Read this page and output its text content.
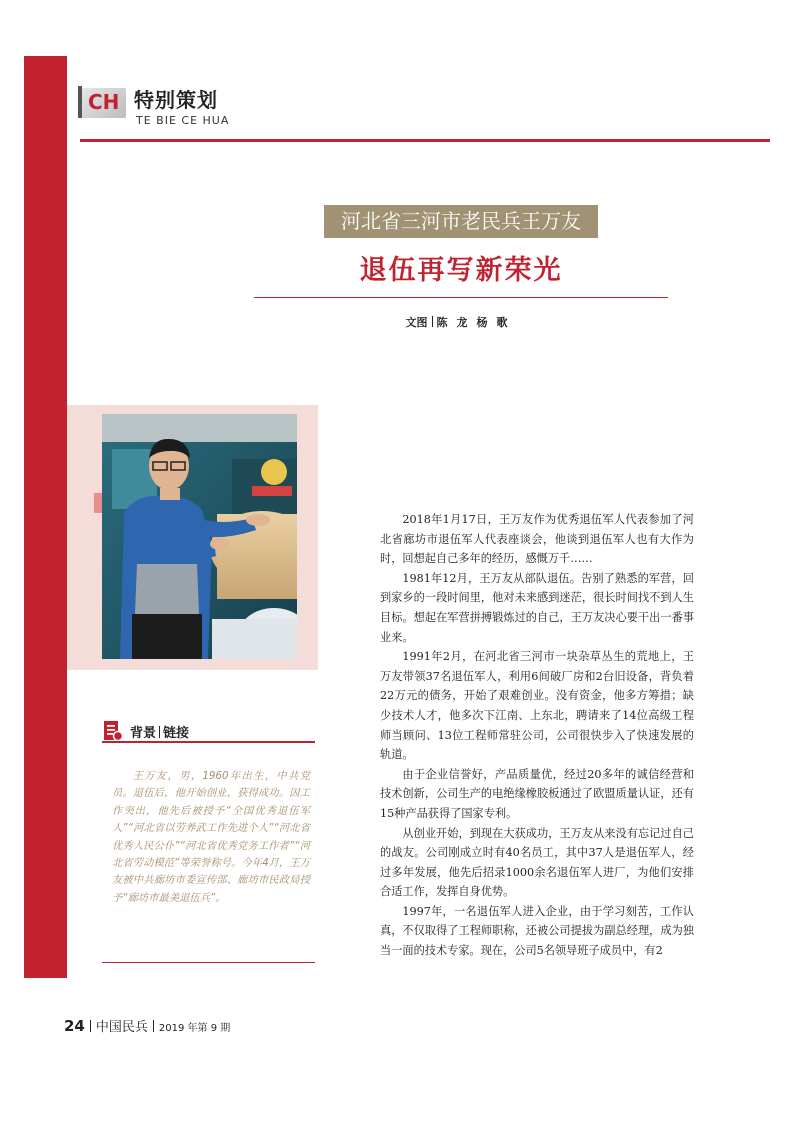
CH 特别策划
TE BIE CE HUA
河北省三河市老民兵王万友
退伍再写新荣光
文图 陈龙杨歌
背景 链接

王万友，男，1960年出生，中共党员。退伍后，他开始创业，获得成功。因工作突出，他先后被授予“全国优秀退伍军人”“河北省以劳养武工作先进个人”“河北省优秀人民公仆”“河北省优秀党务工作者”“河北省劳动模范”等荣誉称号。今年4月，王万友被中共廊坊市委宣传部、廊坊市民政局授予“廊坊市最美退伍兵”。

2018年1月17日，王万友作为优秀退伍军人代表参加了河北省廊坊市退伍军人代表座谈会，他谈到退伍军人也有大作为时，回想起自己多年的经历，感慨万千……

1981年12月，王万友从部队退伍。告别了熟悉的军营，回到家乡的一段时间里，他对未来感到迷茫，很长时间找不到人生目标。想起在军营拼搏锻炼过的自己，王万友决心要干出一番事业来。

1991年2月，在河北省三河市一块杂草丛生的荒地上，王万友带领37名退伍军人，利用6间破厂房和2台旧设备，背负着22万元的债务，开始了艰难创业。没有资金，他多方筹措；缺少技术人才，他多次下江南、上东北，聘请来了14位高级工程师当顾问、13位工程师常驻公司，公司很快步入了快速发展的轨道。

由于企业信誉好，产品质量优，经过20多年的诚信经营和技术创新，公司生产的电绝缘橡胶板通过了欧盟质量认证，还有15种产品获得了国家专利。

从创业开始，到现在大获成功，王万友从来没有忘记过自己的战友。公司刚成立时有40名员工，其中37人是退伍军人，经过多年发展，他先后招录1000余名退伍军人进厂，为他们安排合适工作，发挥自身优势。

1997年，一名退伍军人进入企业，由于学习刻苦，工作认真，不仅取得了工程师职称，还被公司提拔为副总经理，成为独当一面的技术专家。现在，公司5名领导班子成员中，有2

24 中国民兵 2019 年第 9 期
